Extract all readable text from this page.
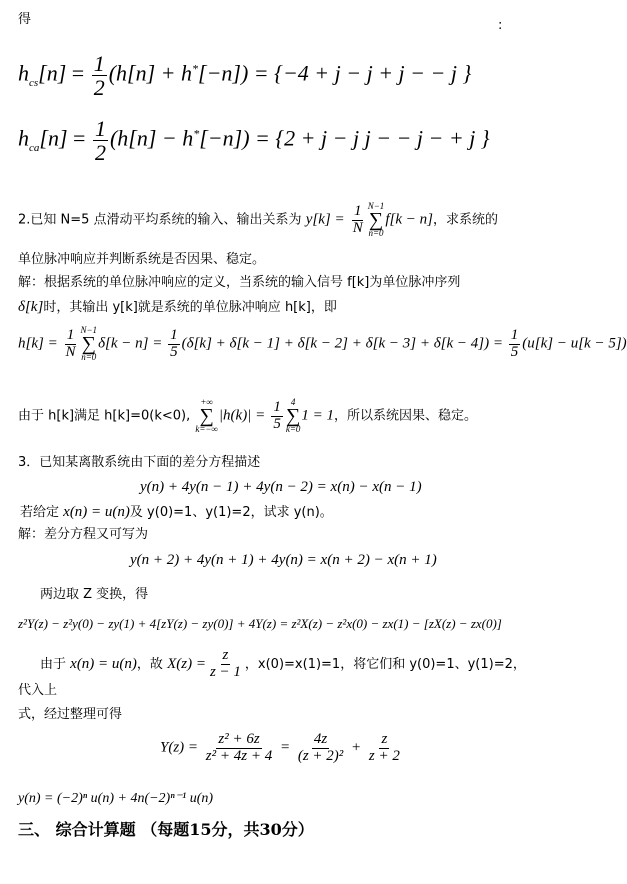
得	:
$h_{cs}[n] = \frac{1}{2} (h[n] + h^*[-n]) = \{-4 + j - j + j$ − − j }
$h_{ca}[n] = \frac{1}{2} (h[n] - h^*[-n]) = \{2 + j - j$ j − − j − + j }
2.已知 N=5 点滑动平均系统的输入、输出关系为 $y[k] = \frac{1}{N} N-1$
∑
n=0
f[k − n]，求系统的
单位脉冲响应并判断系统是否因果、稳定。
解：根据系统的单位脉冲响应的定义，当系统的输入信号 f[k]为单位脉冲序列
δ[k]时，其输出 y[k]就是系统的单位脉冲响应 h[k]，即
$h[k] = \frac{1}{N} N-1$
∑
n=0
$\delta[k - n] = \frac{1}{5} (\delta[k] + \delta[k - 1] + \delta[k - 2] + \delta[k - 3] + \delta[k - 4]) = \frac{1}{5} (u[k] - u[k - 5])$
由于 h[k]满足 h[k]=0(k<0),
+∞
∑
k=−∞
$|h(k)| = \frac{1}{5} 4$
∑
k=0
1 = 1，所以系统因果、稳定。
3．已知某离散系统由下面的差分方程描述
y(n) + 4y(n − 1) + 4y(n − 2) = x(n) − x(n − 1)
若给定 x(n) = u(n)及 y(0)=1、y(1)=2，试求 y(n)。
解：差分方程又可写为
y(n + 2) + 4y(n + 1) + 4y(n) = x(n + 2) − x(n + 1)
两边取 Z 变换，得
z²Y(z) − z²y(0) − zy(1) + 4[zY(z) − zy(0)] + 4Y(z) = z²X(z) − z²x(0) − zx(1) − [zX(z) − zx(0)]
由于 x(n) = u(n)，故 $X(z) = \frac{z}{z - 1}$ ，x(0)=x(1)=1，将它们和 y(0)=1、y(1)=2，
代入上
式，经过整理可得
$Y(z) = \frac{\text{z² + 6z}}{\text{z² + 4z + 4}} = \frac{4z}{\text{(z + 2)²}} + \frac{z}{z + 2}$
y(n) = (−2)ⁿ u(n) + 4n(−2)ⁿ⁻¹ u(n)
三、 综合计算题 （每题15分，共30分）
